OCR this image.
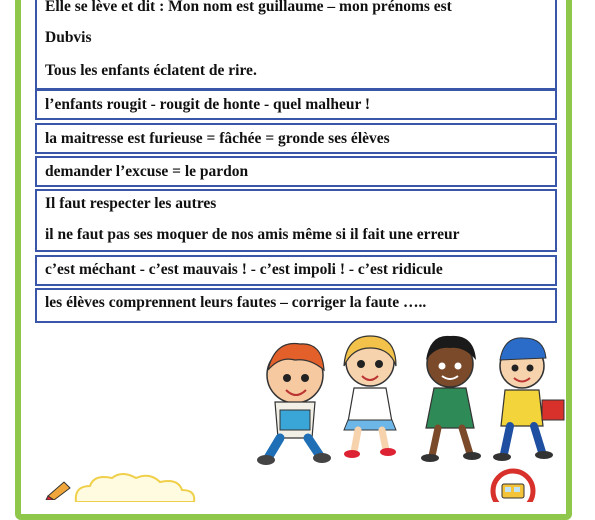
Elle se lève et dit : Mon nom est guillaume – mon prénoms est
Dubvis
Tous les enfants éclatent de rire.
l’enfants rougit - rougit de honte - quel malheur !
la maitresse est furieuse = fâchée = gronde ses élèves
demander l’excuse = le pardon
Il faut respecter les autres
il ne faut pas ses moquer de nos amis même si il fait une erreur
c’est méchant - c’est mauvais ! - c’est impoli ! - c’est ridicule
les élèves comprennent leurs fautes – corriger la faute …..
